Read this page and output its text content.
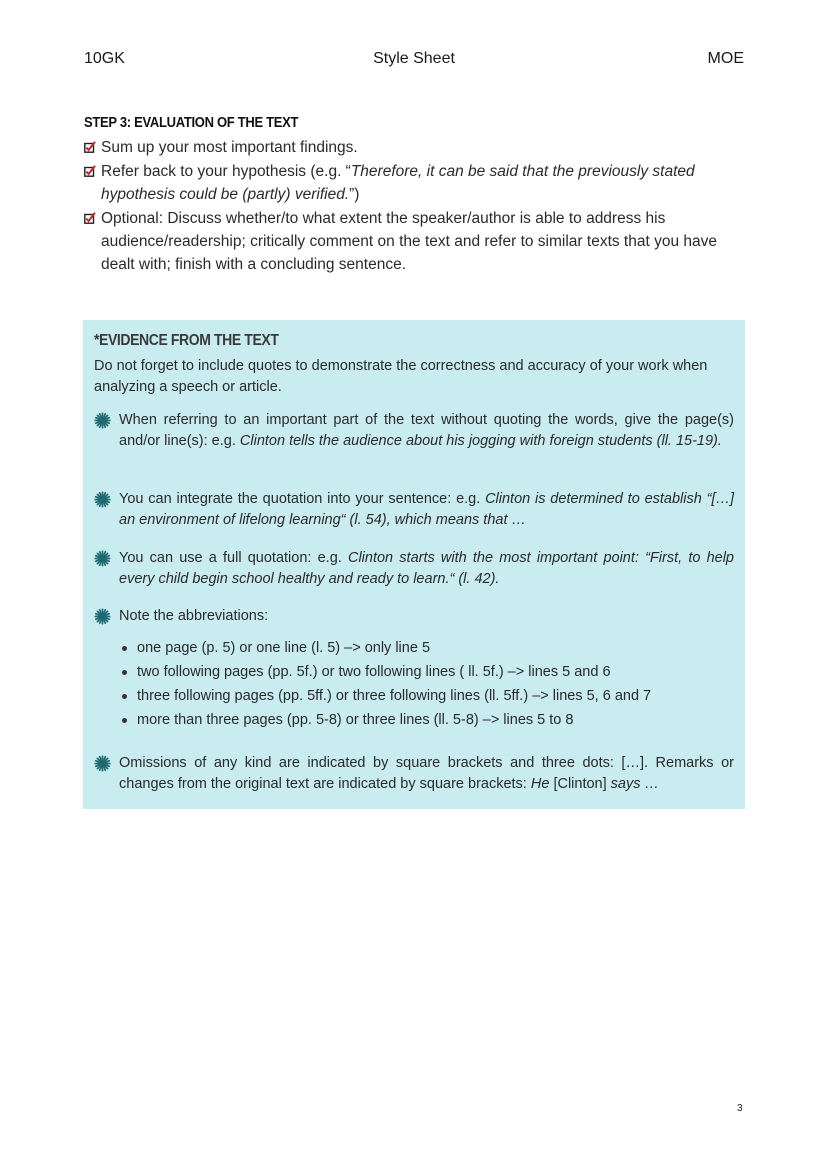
10GK	Style Sheet	MOE
STEP 3: EVALUATION OF THE TEXT
Sum up your most important findings.
Refer back to your hypothesis (e.g. “Therefore, it can be said that the previously stated hypothesis could be (partly) verified.”)
Optional: Discuss whether/to what extent the speaker/author is able to address his audience/readership; critically comment on the text and refer to similar texts that you have dealt with; finish with a concluding sentence.
*EVIDENCE FROM THE TEXT
Do not forget to include quotes to demonstrate the correctness and accuracy of your work when analyzing a speech or article.
When referring to an important part of the text without quoting the words, give the page(s) and/or line(s): e.g. Clinton tells the audience about his jogging with foreign students (ll. 15-19).
You can integrate the quotation into your sentence: e.g. Clinton is determined to establish “[…] an environment of lifelong learning“ (l. 54), which means that …
You can use a full quotation: e.g. Clinton starts with the most important point: “First, to help every child begin school healthy and ready to learn.“ (l. 42).
Note the abbreviations:
one page (p. 5) or one line (l. 5) –> only line 5
two following pages (pp. 5f.) or two following lines ( ll. 5f.) –> lines 5 and 6
three following pages (pp. 5ff.) or three following lines (ll. 5ff.) –> lines 5, 6 and 7
more than three pages (pp. 5-8) or three lines (ll. 5-8) –> lines 5 to 8
Omissions of any kind are indicated by square brackets and three dots: […]. Remarks or changes from the original text are indicated by square brackets: He [Clinton] says …
3
